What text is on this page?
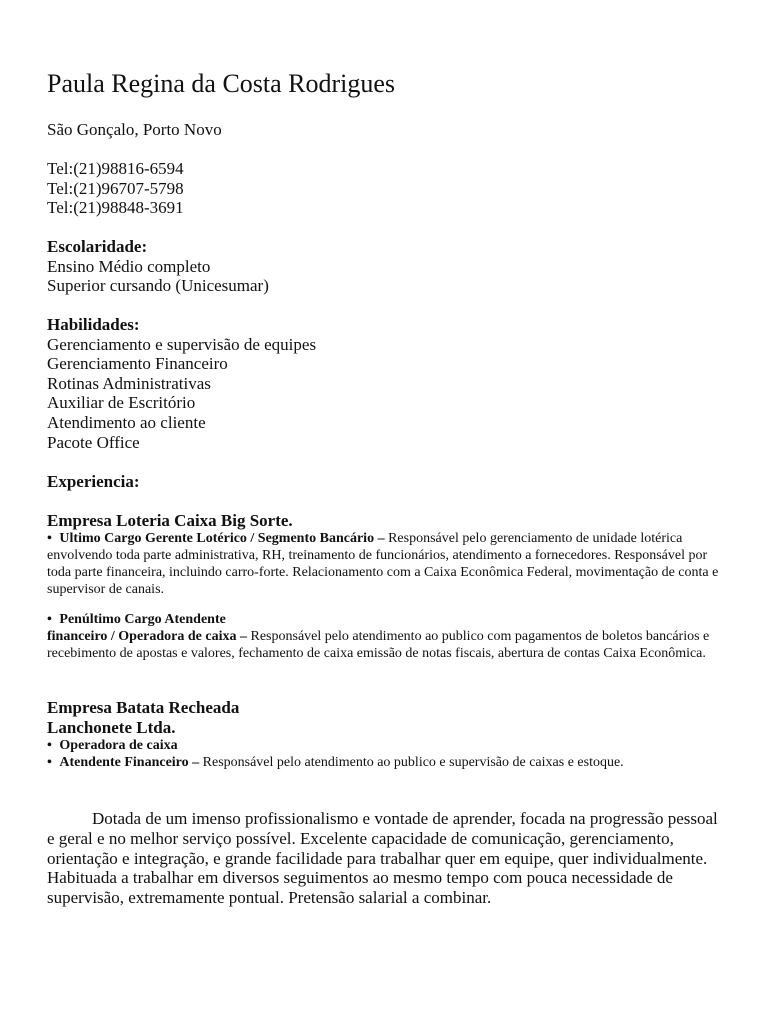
Paula Regina da Costa Rodrigues
São Gonçalo, Porto Novo
Tel:(21)98816-6594
Tel:(21)96707-5798
Tel:(21)98848-3691
Escolaridade:
Ensino Médio completo
Superior cursando (Unicesumar)
Habilidades:
Gerenciamento e supervisão de equipes
Gerenciamento Financeiro
Rotinas Administrativas
Auxiliar de Escritório
Atendimento ao cliente
Pacote Office
Experiencia:
Empresa Loteria Caixa Big Sorte.
• Ultimo Cargo Gerente Lotérico / Segmento Bancário – Responsável pelo gerenciamento de unidade lotérica envolvendo toda parte administrativa, RH, treinamento de funcionários, atendimento a fornecedores. Responsável por toda parte financeira, incluindo carro-forte. Relacionamento com a Caixa Econômica Federal, movimentação de conta e supervisor de canais.
• Penúltimo Cargo Atendente
financeiro / Operadora de caixa – Responsável pelo atendimento ao publico com pagamentos de boletos bancários e recebimento de apostas e valores, fechamento de caixa emissão de notas fiscais, abertura de contas Caixa Econômica.
Empresa Batata Recheada
Lanchonete Ltda.
• Operadora de caixa
• Atendente Financeiro – Responsável pelo atendimento ao publico e supervisão de caixas e estoque.

Dotada de um imenso profissionalismo e vontade de aprender, focada na progressão pessoal e geral e no melhor serviço possível. Excelente capacidade de comunicação, gerenciamento, orientação e integração, e grande facilidade para trabalhar quer em equipe, quer individualmente. Habituada a trabalhar em diversos seguimentos ao mesmo tempo com pouca necessidade de supervisão, extremamente pontual. Pretensão salarial a combinar.
